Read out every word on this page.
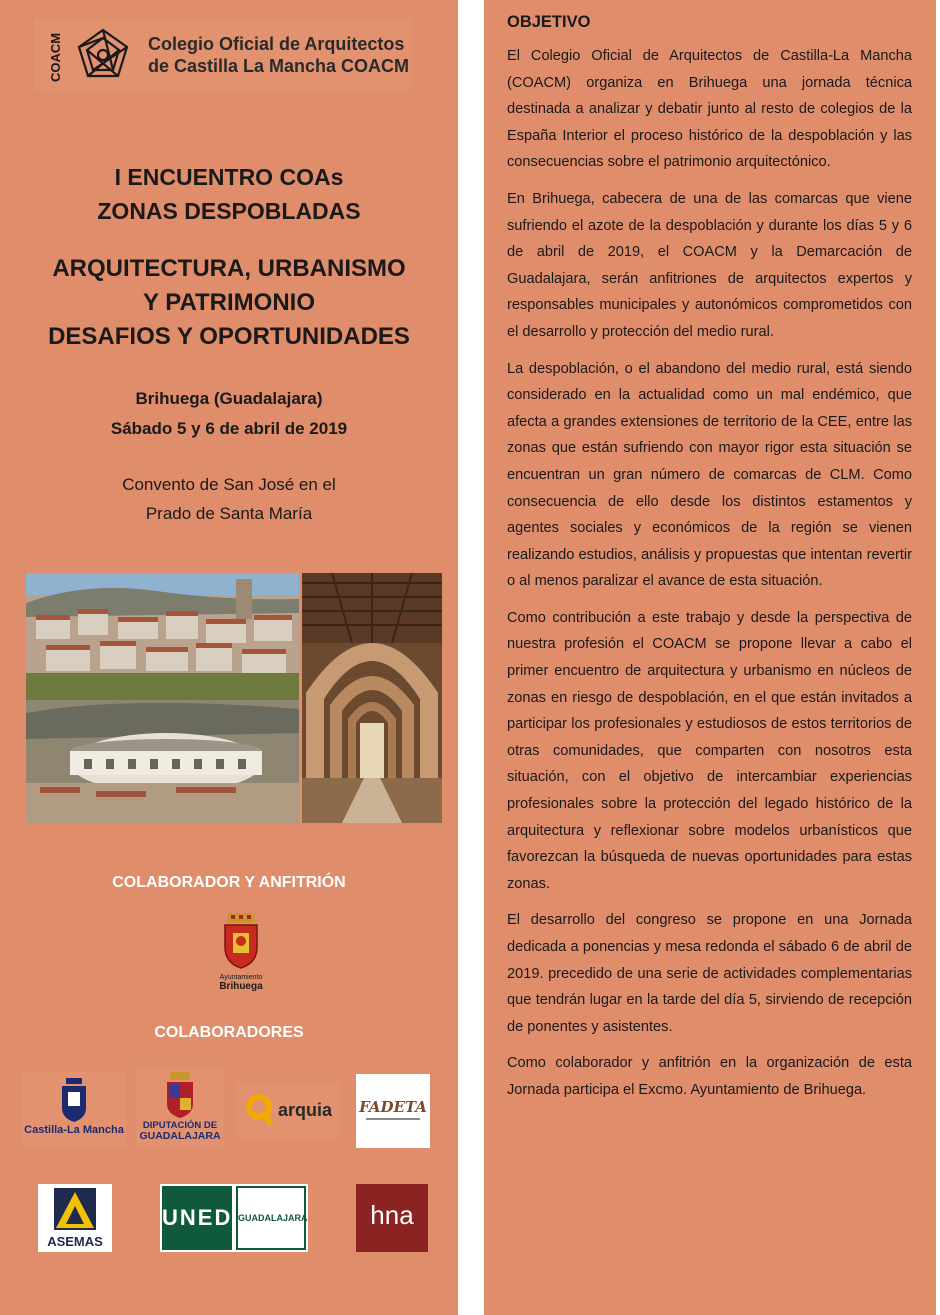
COACM	Colegio Oficial de Arquitectos
de Castilla La Mancha COACM
I ENCUENTRO COAs
ZONAS DESPOBLADAS
ARQUITECTURA, URBANISMO
Y PATRIMONIO
DESAFIOS Y OPORTUNIDADES
Brihuega (Guadalajara)
Sábado 5 y 6 de abril de 2019
Convento de San José en el
Prado de Santa María
COLABORADOR Y ANFITRIÓN
Ayuntamiento
Brihuega
COLABORADORES
Castilla-La Mancha	DIPUTACIÓN DE
GUADALAJARA
arquia FADETA
ASEMAS
UNED GUADALAJARA	hna
OBJETIVO

El Colegio Oficial de Arquitectos de Castilla-La Mancha (COACM) organiza en Brihuega una jornada técnica destinada a analizar y debatir junto al resto de colegios de la España Interior el proceso histórico de la despoblación y las consecuencias sobre el patrimonio arquitectónico.

En Brihuega, cabecera de una de las comarcas que viene sufriendo el azote de la despoblación y durante los días 5 y 6 de abril de 2019, el COACM y la Demarcación de Guadalajara, serán anfitriones de arquitectos expertos y responsables municipales y autonómicos comprometidos con el desarrollo y protección del medio rural.

La despoblación, o el abandono del medio rural, está siendo considerado en la actualidad como un mal endémico, que afecta a grandes extensiones de territorio de la CEE, entre las zonas que están sufriendo con mayor rigor esta situación se encuentran un gran número de comarcas de CLM. Como consecuencia de ello desde los distintos estamentos y agentes sociales y económicos de la región se vienen realizando estudios, análisis y propuestas que intentan revertir o al menos paralizar el avance de esta situación.

Como contribución a este trabajo y desde la perspectiva de nuestra profesión el COACM se propone llevar a cabo el primer encuentro de arquitectura y urbanismo en núcleos de zonas en riesgo de despoblación, en el que están invitados a participar los profesionales y estudiosos de estos territorios de otras comunidades, que comparten con nosotros esta situación, con el objetivo de intercambiar experiencias profesionales sobre la protección del legado histórico de la arquitectura y reflexionar sobre modelos urbanísticos que favorezcan la búsqueda de nuevas oportunidades para estas zonas.

El desarrollo del congreso se propone en una Jornada dedicada a ponencias y mesa redonda el sábado 6 de abril de 2019. precedido de una serie de actividades complementarias que tendrán lugar en la tarde del día 5, sirviendo de recepción de ponentes y asistentes.

Como colaborador y anfitrión en la organización de esta Jornada participa el Excmo. Ayuntamiento de Brihuega.
